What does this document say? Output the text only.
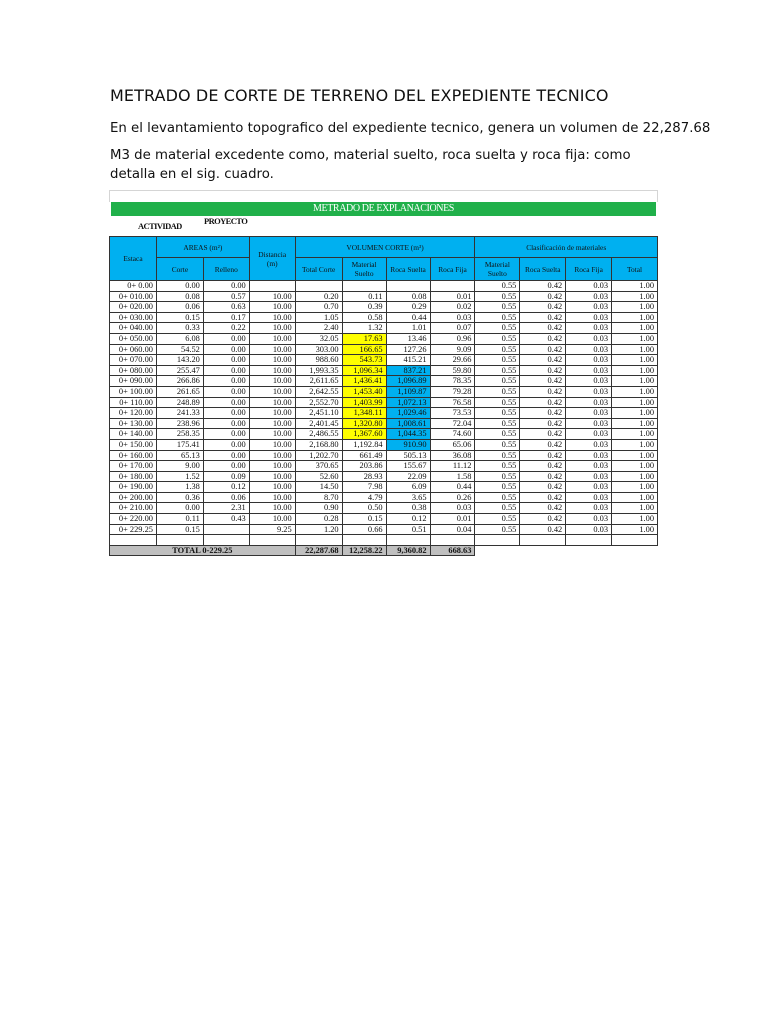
METRADO DE CORTE DE TERRENO DEL EXPEDIENTE TECNICO
En el levantamiento topografico del expediente tecnico, genera un volumen de 22,287.68
M3 de material excedente como, material suelto, roca suelta y roca fija: como detalla en el sig. cuadro.
METRADO DE EXPLANACIONES
PROYECTO
ACTIVIDAD
Estaca	AREAS (m²)		Distancia (m)	VOLUMEN CORTE (m³)				Clasificación de materiales			
	Corte	Relleno		Total Corte	Material Suelto	Roca Suelta	Roca Fija	Material Suelto	Roca Suelta	Roca Fija	Total
0+ 0.00	0.00	0.00						0.55	0.42	0.03	1.00
0+ 010.00	0.08	0.57	10.00	0.20	0.11	0.08	0.01	0.55	0.42	0.03	1.00
0+ 020.00	0.06	0.63	10.00	0.70	0.39	0.29	0.02	0.55	0.42	0.03	1.00
0+ 030.00	0.15	0.17	10.00	1.05	0.58	0.44	0.03	0.55	0.42	0.03	1.00
0+ 040.00	0.33	0.22	10.00	2.40	1.32	1.01	0.07	0.55	0.42	0.03	1.00
0+ 050.00	6.08	0.00	10.00	32.05	17.63	13.46	0.96	0.55	0.42	0.03	1.00
0+ 060.00	54.52	0.00	10.00	303.00	166.65	127.26	9.09	0.55	0.42	0.03	1.00
0+ 070.00	143.20	0.00	10.00	988.60	543.73	415.21	29.66	0.55	0.42	0.03	1.00
0+ 080.00	255.47	0.00	10.00	1,993.35	1,096.34	837.21	59.80	0.55	0.42	0.03	1.00
0+ 090.00	266.86	0.00	10.00	2,611.65	1,436.41	1,096.89	78.35	0.55	0.42	0.03	1.00
0+ 100.00	261.65	0.00	10.00	2,642.55	1,453.40	1,109.87	79.28	0.55	0.42	0.03	1.00
0+ 110.00	248.89	0.00	10.00	2,552.70	1,403.99	1,072.13	76.58	0.55	0.42	0.03	1.00
0+ 120.00	241.33	0.00	10.00	2,451.10	1,348.11	1,029.46	73.53	0.55	0.42	0.03	1.00
0+ 130.00	238.96	0.00	10.00	2,401.45	1,320.80	1,008.61	72.04	0.55	0.42	0.03	1.00
0+ 140.00	258.35	0.00	10.00	2,486.55	1,367.60	1,044.35	74.60	0.55	0.42	0.03	1.00
0+ 150.00	175.41	0.00	10.00	2,168.80	1,192.84	910.90	65.06	0.55	0.42	0.03	1.00
0+ 160.00	65.13	0.00	10.00	1,202.70	661.49	505.13	36.08	0.55	0.42	0.03	1.00
0+ 170.00	9.00	0.00	10.00	370.65	203.86	155.67	11.12	0.55	0.42	0.03	1.00
0+ 180.00	1.52	0.09	10.00	52.60	28.93	22.09	1.58	0.55	0.42	0.03	1.00
0+ 190.00	1.38	0.12	10.00	14.50	7.98	6.09	0.44	0.55	0.42	0.03	1.00
0+ 200.00	0.36	0.06	10.00	8.70	4.79	3.65	0.26	0.55	0.42	0.03	1.00
0+ 210.00	0.00	2.31	10.00	0.90	0.50	0.38	0.03	0.55	0.42	0.03	1.00
0+ 220.00	0.11	0.43	10.00	0.28	0.15	0.12	0.01	0.55	0.42	0.03	1.00
0+ 229.25	0.15		9.25	1.20	0.66	0.51	0.04	0.55	0.42	0.03	1.00

TOTAL 0-229.25				22,287.68	12,258.22	9,360.82	668.63				
